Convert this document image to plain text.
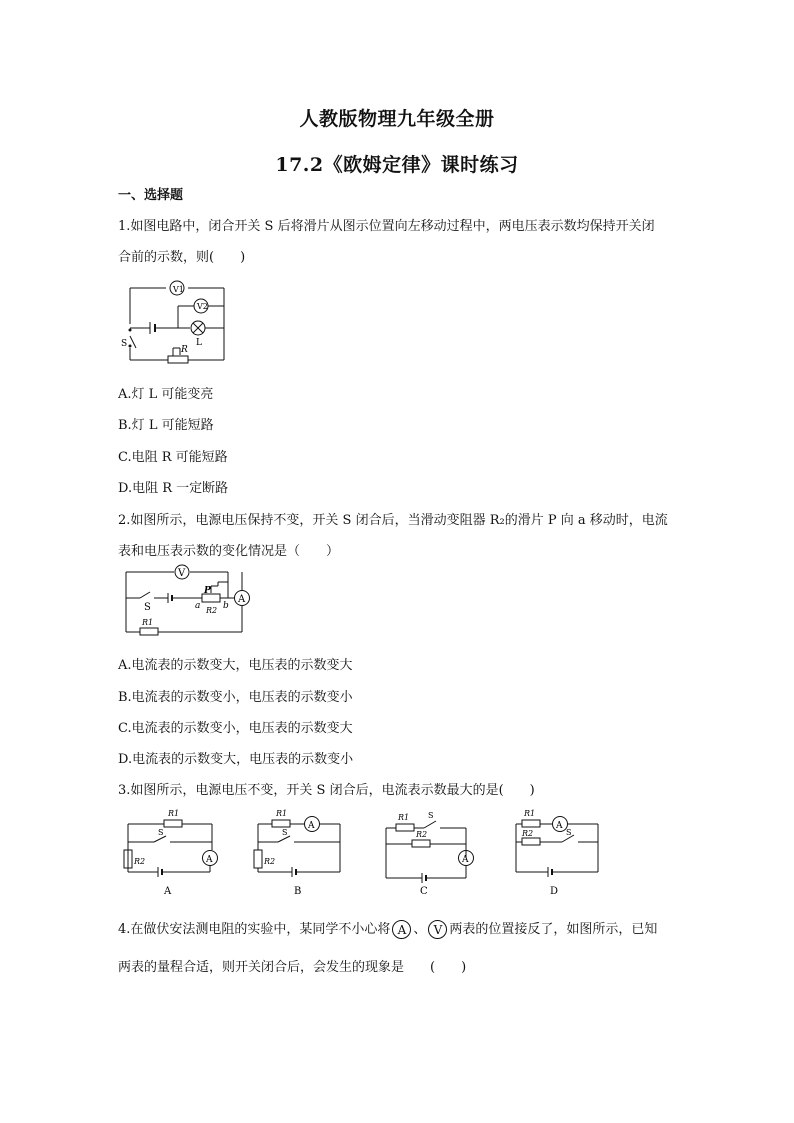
人教版物理九年级全册
17.2《欧姆定律》课时练习
一、选择题
1.如图电路中，闭合开关 S 后将滑片从图示位置向左移动过程中，两电压表示数均保持开关闭
合前的示数，则(　　)
V1
V2
S
R
L
A.灯 L 可能变亮
B.灯 L 可能短路
C.电阻 R 可能短路
D.电阻 R 一定断路
2.如图所示，电源电压保持不变，开关 S 闭合后，当滑动变阻器 R₂的滑片 P 向 a 移动时，电流
表和电压表示数的变化情况是（　　）
V
A
S
P
a	b
R2
R1
A.电流表的示数变大，电压表的示数变大
B.电流表的示数变小，电压表的示数变小
C.电流表的示数变小，电压表的示数变大
D.电流表的示数变大，电压表的示数变小
3.如图所示，电源电压不变，开关 S 闭合后，电流表示数最大的是(　　)
R1
S
R2	A
A
R1
A
S
R2
B
R1 S
R2
A
C
R1
A
R2	S
D
4.在做伏安法测电阻的实验中，某同学不小心将 A 、 V 两表的位置接反了，如图所示，已知
两表的量程合适，则开关闭合后，会发生的现象是　　(　　)
